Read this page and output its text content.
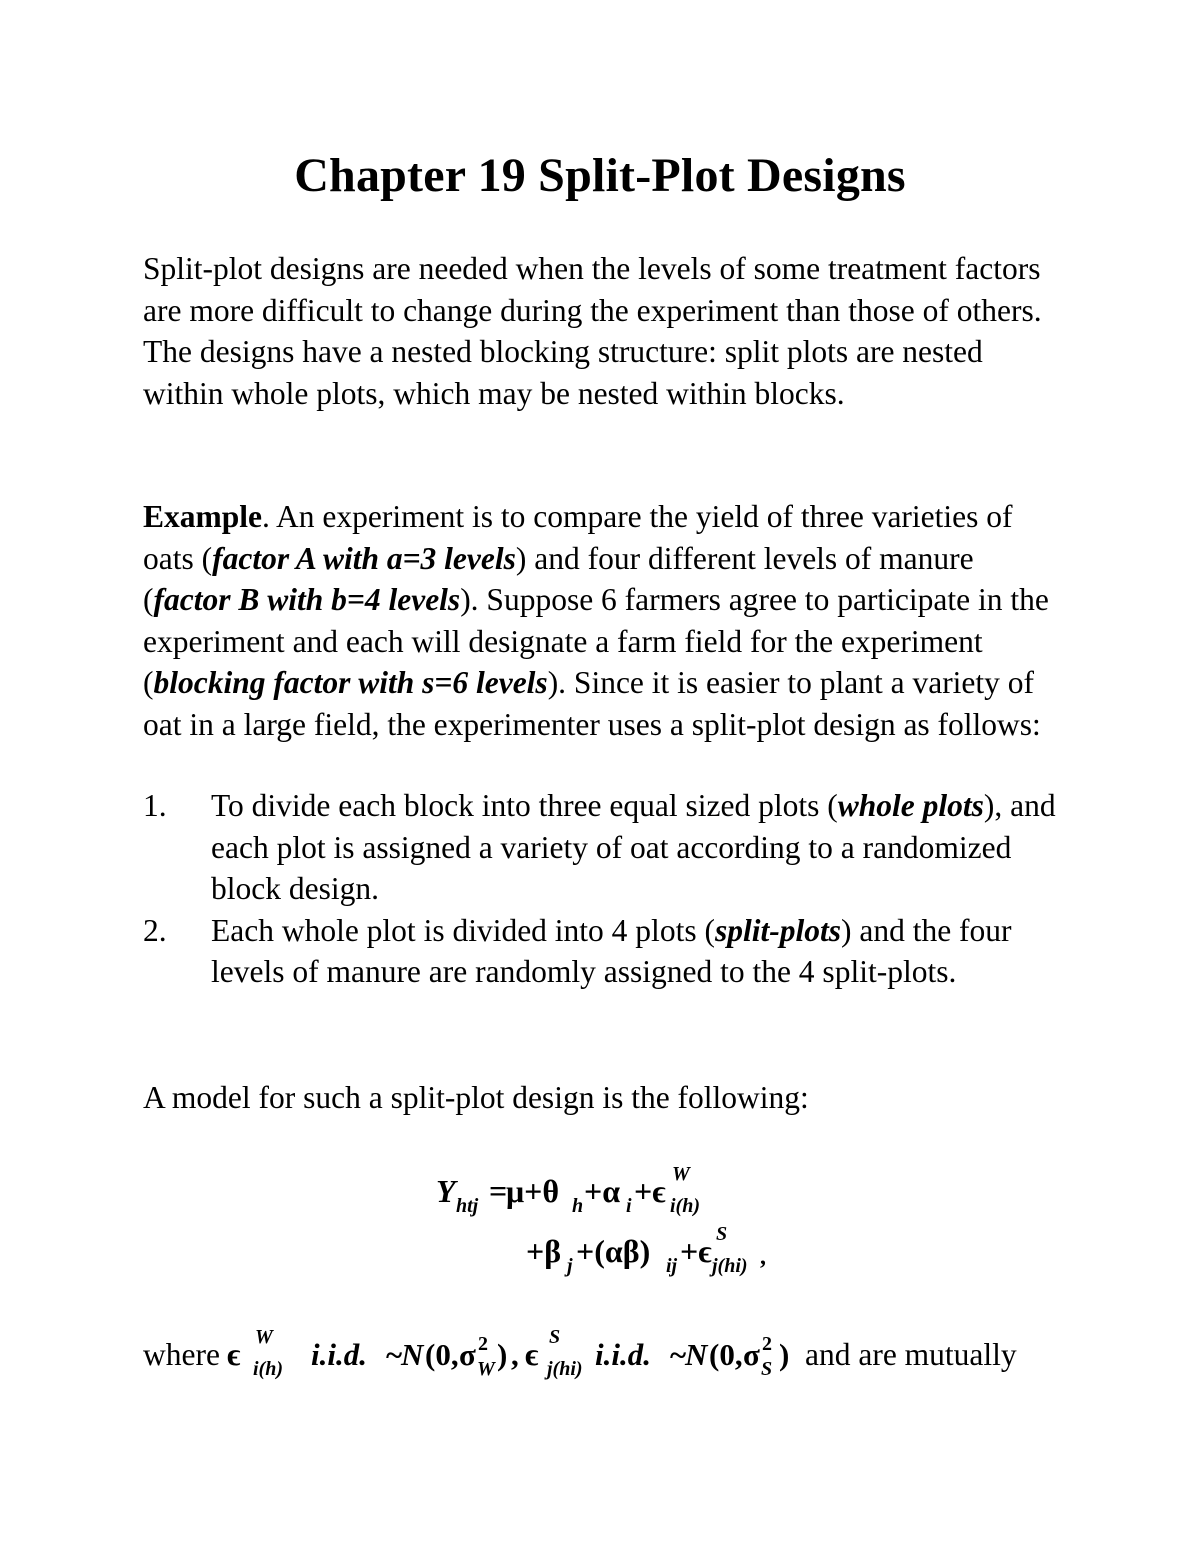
Chapter 19 Split-Plot Designs
Split-plot designs are needed when the levels of some treatment factors are more difficult to change during the experiment than those of others. The designs have a nested blocking structure: split plots are nested within whole plots, which may be nested within blocks.
Example. An experiment is to compare the yield of three varieties of oats (factor A with a=3 levels) and four different levels of manure (factor B with b=4 levels). Suppose 6 farmers agree to participate in the experiment and each will designate a farm field for the experiment (blocking factor with s=6 levels). Since it is easier to plant a variety of oat in a large field, the experimenter uses a split-plot design as follows:
1. To divide each block into three equal sized plots (whole plots), and each plot is assigned a variety of oat according to a randomized block design.
2. Each whole plot is divided into 4 plots (split-plots) and the four levels of manure are randomly assigned to the 4 split-plots.
A model for such a split-plot design is the following:
Y htj =
μ+θ h +α i +ϵ W
i(h)
+β j +(αβ) ij +ϵ S
j(hi) ,
where ϵ W
i(h) i.i.d. ~
N (0, σ 2
W ) , ϵ S
j(hi) i.i.d. ~
N (0, σ 2
S ) and are mutually
